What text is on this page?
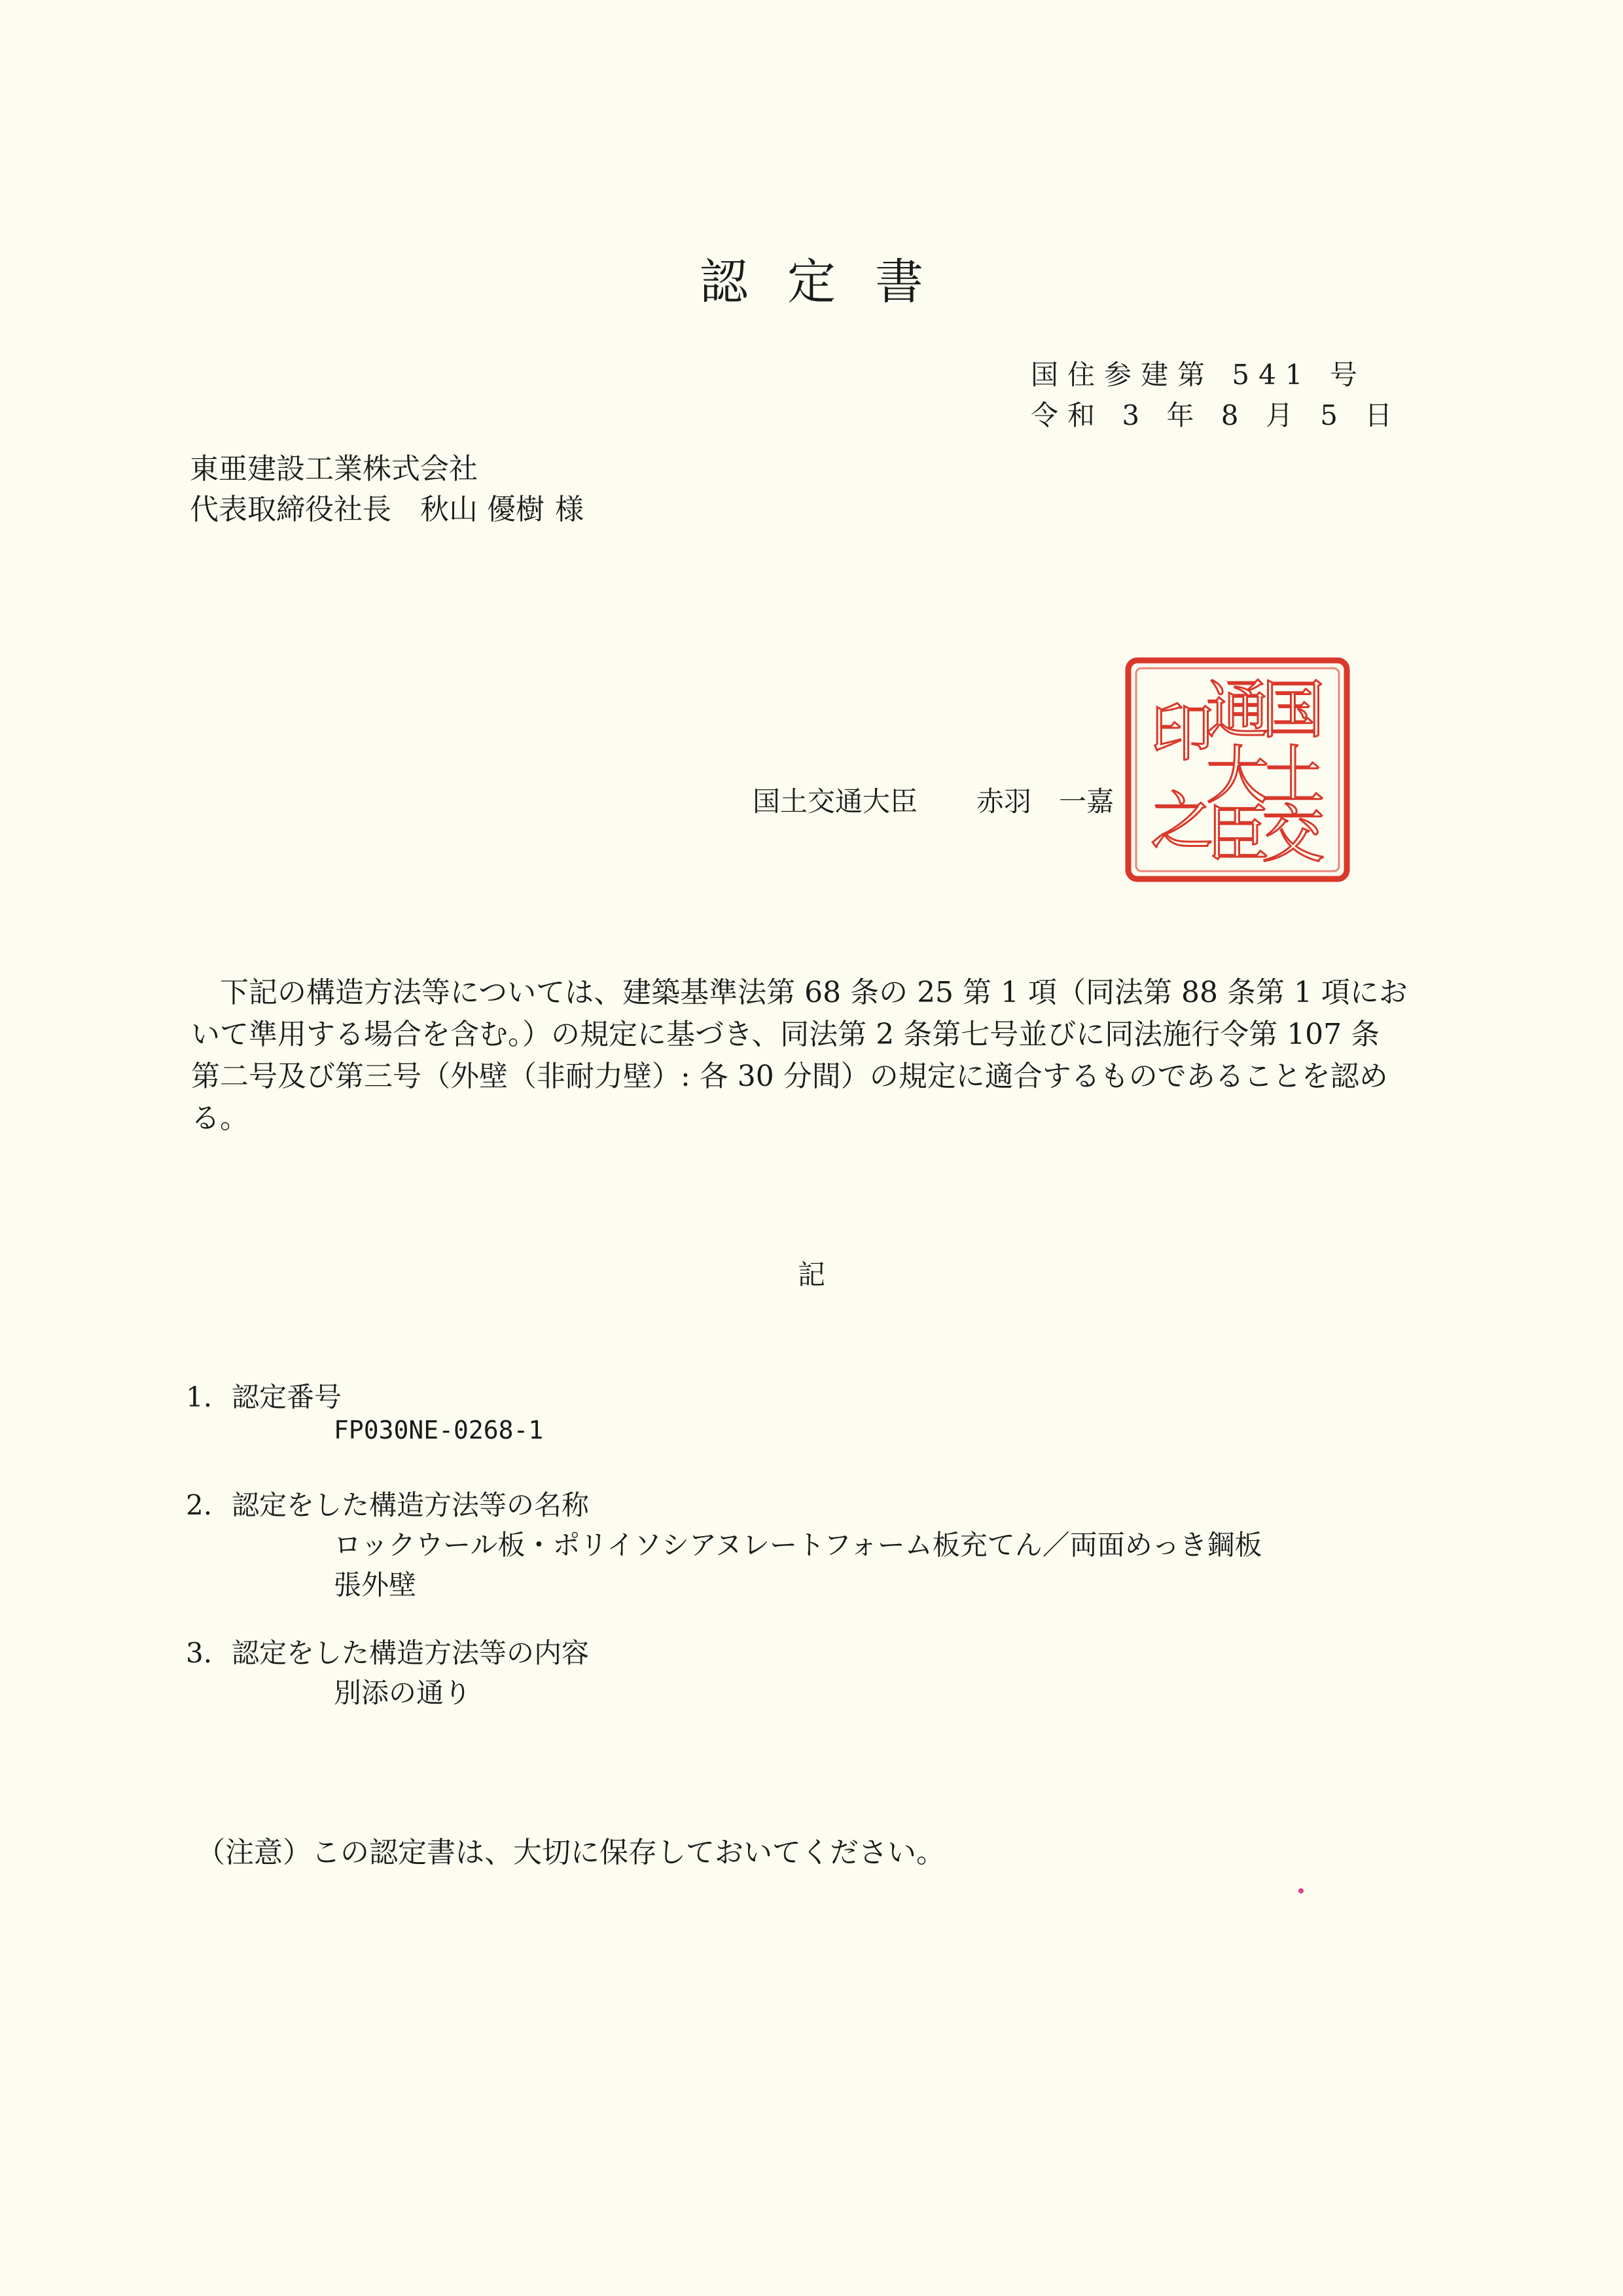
認定書
国住参建第 541 号
令和 3 年 8 月 5 日
東亜建設工業株式会社
代表取締役社長 秋山 優樹 様
国土交通大臣 赤羽　一嘉
国
土
交
通
大
臣
印
之

下記の構造方法等については、建築基準法第 68 条の 25 第 1 項（同法第 88 条第 1 項にお

いて準用する場合を含む。）の規定に基づき、同法第 2 条第七号並びに同法施行令第 107 条

第二号及び第三号（外壁（非耐力壁）: 各 30 分間）の規定に適合するものであることを認め

る。

記
1. 認定番号
FP030NE-0268-1
2. 認定をした構造方法等の名称
ロックウール板・ポリイソシアヌレートフォーム板充てん／両面めっき鋼板
張外壁
3. 認定をした構造方法等の内容
別添の通り
（注意）この認定書は、大切に保存しておいてください。
